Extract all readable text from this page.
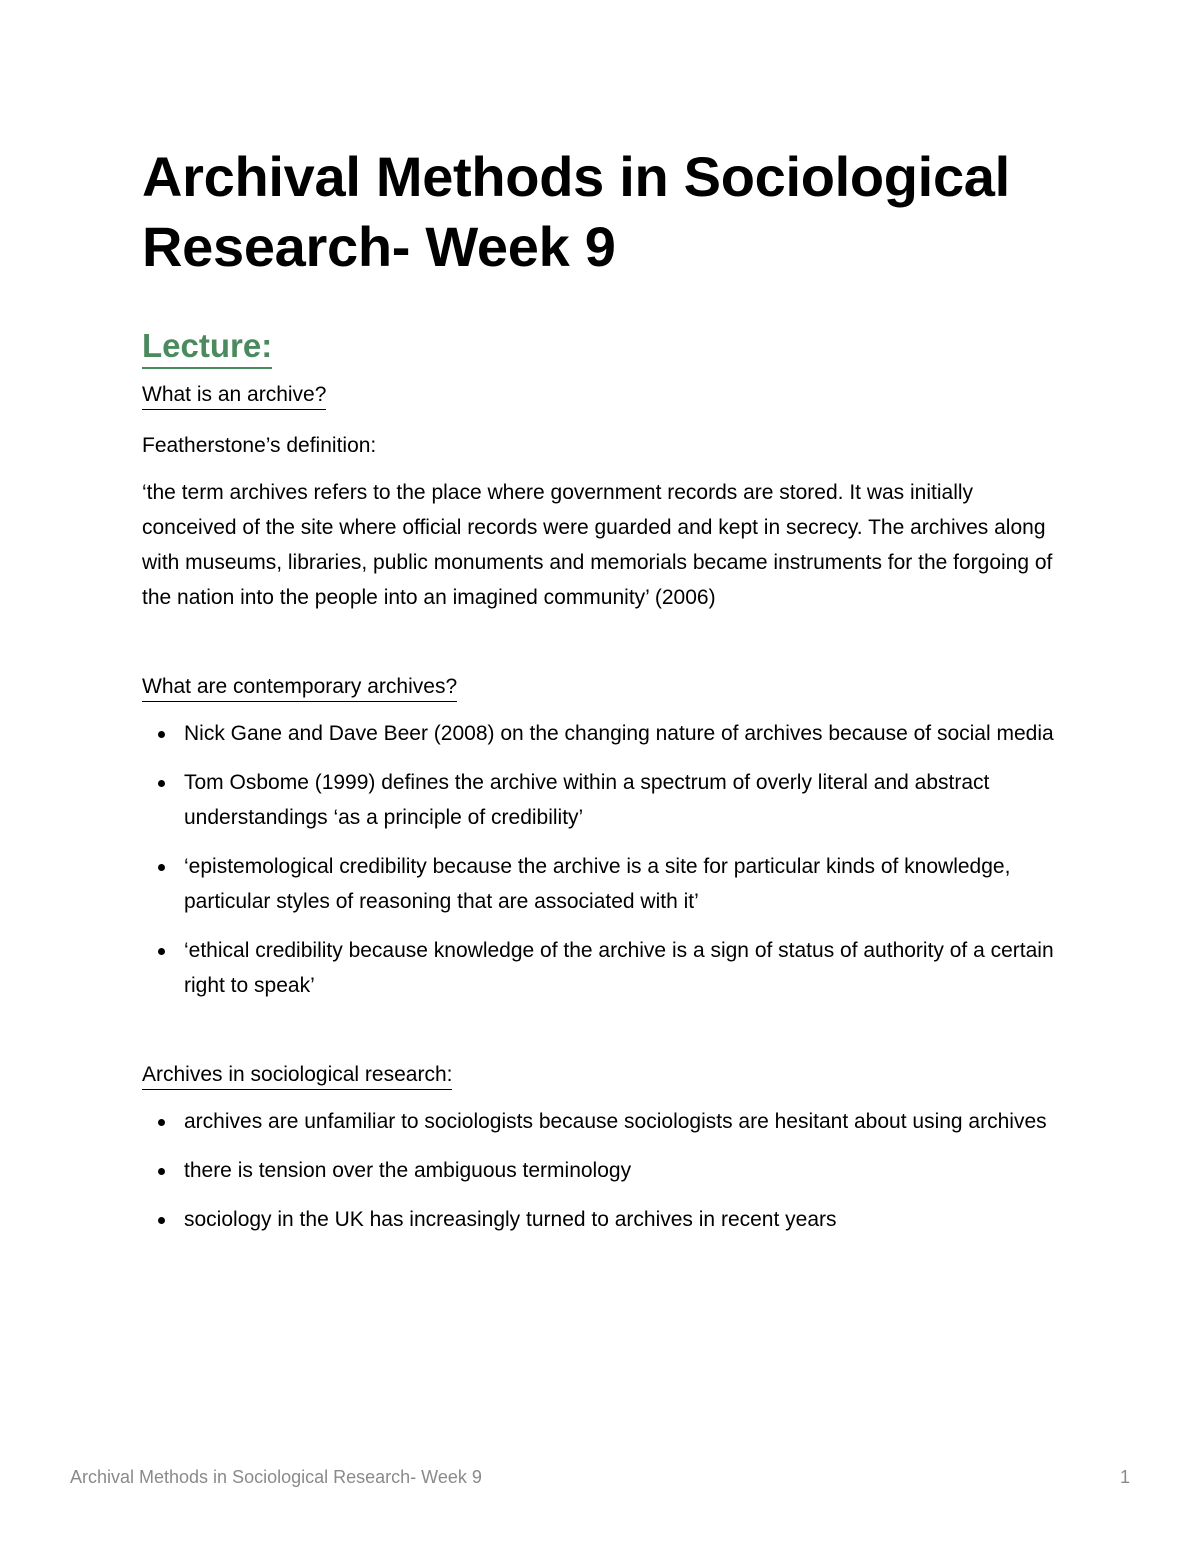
Archival Methods in Sociological
Research- Week 9
Lecture:

What is an archive?

Featherstone’s definition:

‘the term archives refers to the place where government records are stored. It was initially conceived of the site where official records were guarded and kept in secrecy. The archives along with museums, libraries, public monuments and memorials became instruments for the forgoing of the nation into the people into an imagined community’ (2006)

What are contemporary archives?

Nick Gane and Dave Beer (2008) on the changing nature of archives because of social media
Tom Osbome (1999) defines the archive within a spectrum of overly literal and abstract understandings ‘as a principle of credibility’
‘epistemological credibility because the archive is a site for particular kinds of knowledge, particular styles of reasoning that are associated with it’
‘ethical credibility because knowledge of the archive is a sign of status of authority of a certain right to speak’

Archives in sociological research:

archives are unfamiliar to sociologists because sociologists are hesitant about using archives
there is tension over the ambiguous terminology
sociology in the UK has increasingly turned to archives in recent years
Archival Methods in Sociological Research- Week 9	1
